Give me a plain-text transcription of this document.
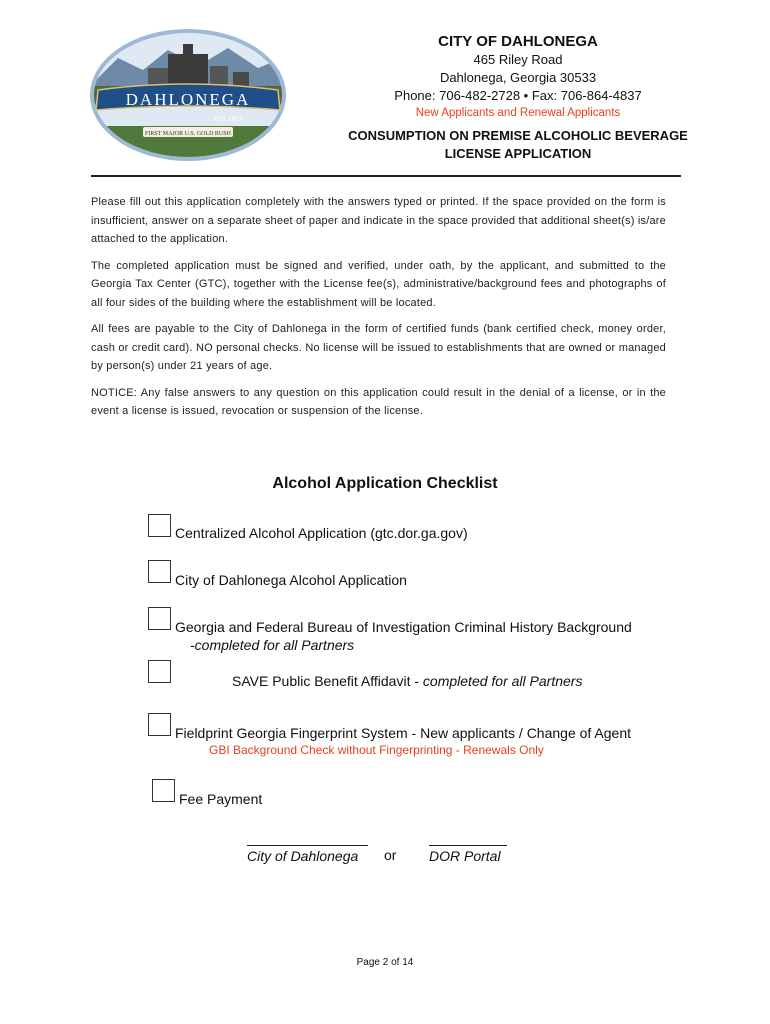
DAHLONEGA
EST 1833
FIRST MAJOR U.S. GOLD RUSH
CITY OF DAHLONEGA
465 Riley Road
Dahlonega, Georgia 30533
Phone: 706-482-2728 • Fax: 706-864-4837
New Applicants and Renewal Applicants
CONSUMPTION ON PREMISE ALCOHOLIC BEVERAGE
LICENSE APPLICATION

Please fill out this application completely with the answers typed or printed. If the space provided on the form is insufficient, answer on a separate sheet of paper and indicate in the space provided that additional sheet(s) is/are attached to the application.

The completed application must be signed and verified, under oath, by the applicant, and submitted to the Georgia Tax Center (GTC), together with the License fee(s), administrative/background fees and photographs of all four sides of the building where the establishment will be located.

All fees are payable to the City of Dahlonega in the form of certified funds (bank certified check, money order, cash or credit card). NO personal checks. No license will be issued to establishments that are owned or managed by person(s) under 21 years of age.

NOTICE: Any false answers to any question on this application could result in the denial of a license, or in the event a license is issued, revocation or suspension of the license.

Alcohol Application Checklist
Centralized Alcohol Application (gtc.dor.ga.gov)
City of Dahlonega Alcohol Application
Georgia and Federal Bureau of Investigation Criminal History Background
-completed for all Partners
SAVE Public Benefit Affidavit - completed for all Partners
Fieldprint Georgia Fingerprint System - New applicants / Change of Agent
GBI Background Check without Fingerprinting - Renewals Only
Fee Payment
City of Dahlonega	or DOR Portal
Page 2 of 14
